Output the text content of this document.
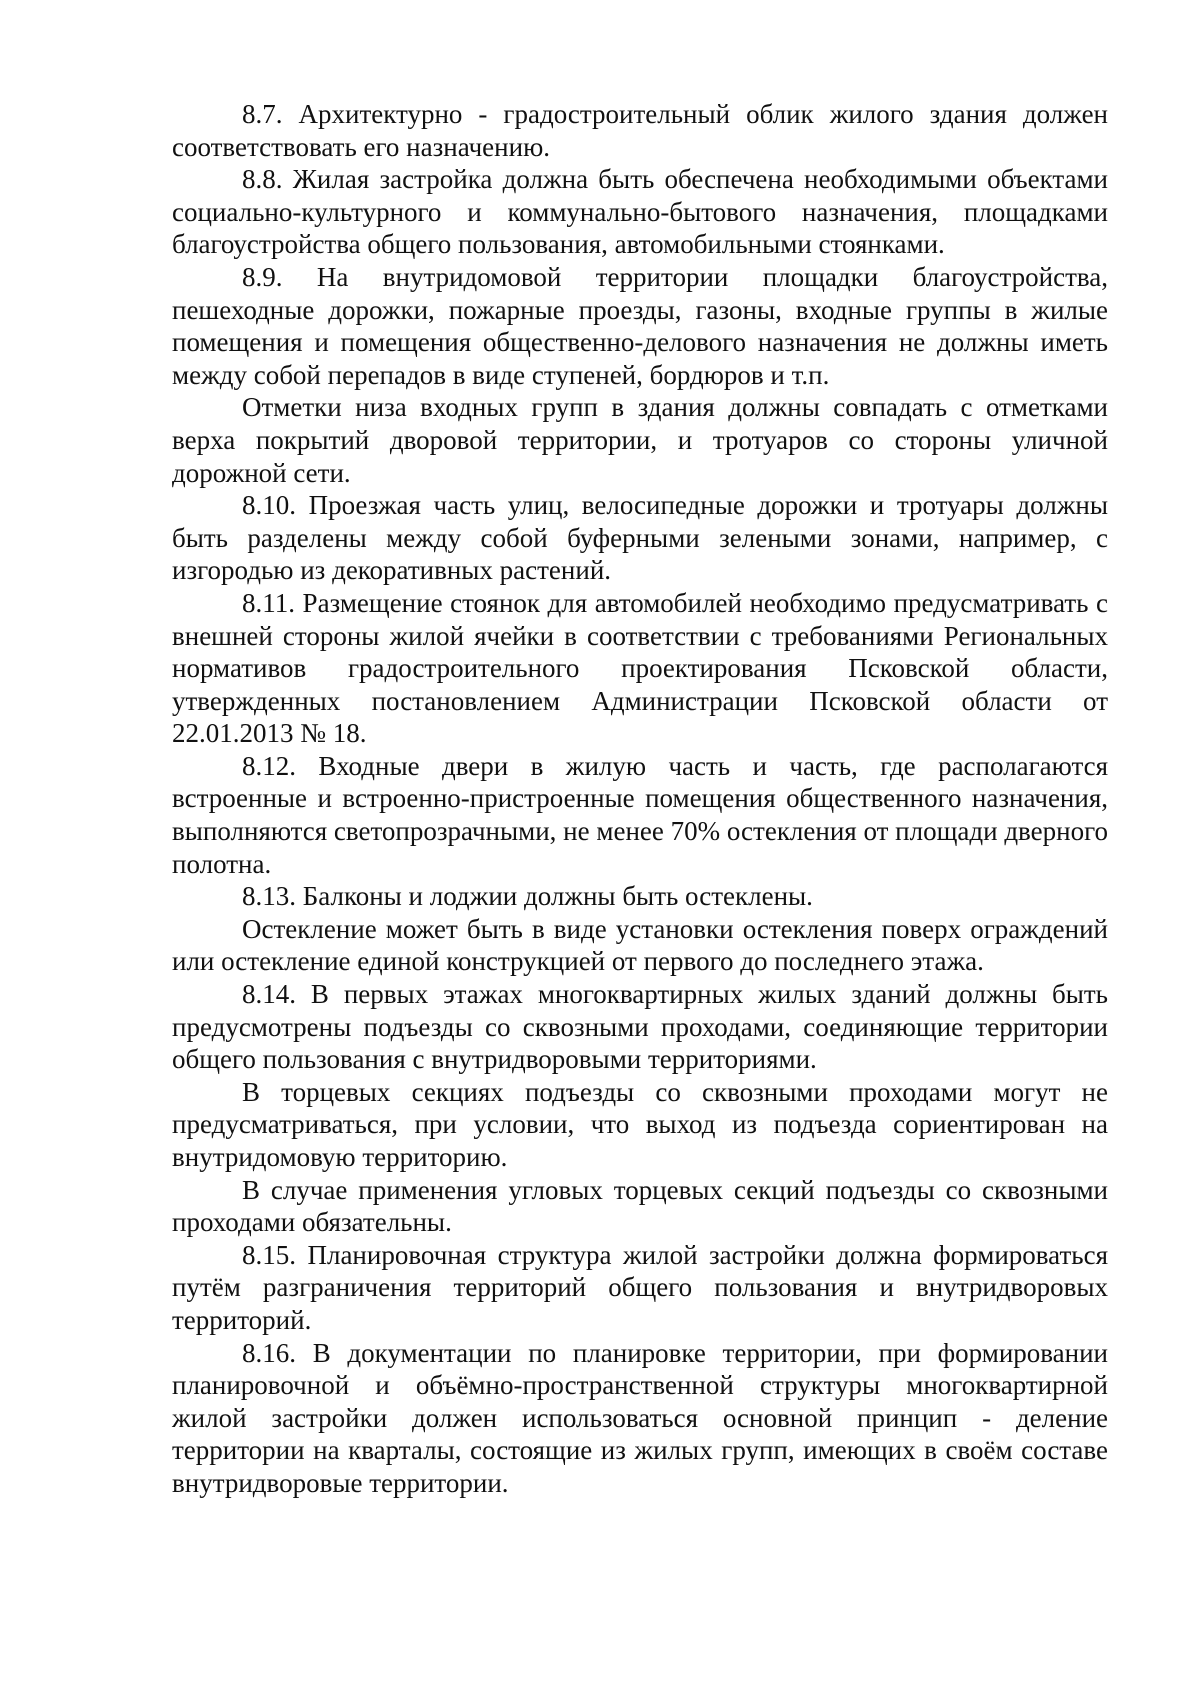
8.7. Архитектурно - градостроительный облик жилого здания должен соответствовать его назначению.

8.8. Жилая застройка должна быть обеспечена необходимыми объектами социально-культурного и коммунально-бытового назначения, площадками благоустройства общего пользования, автомобильными стоянками.

8.9. На внутридомовой территории площадки благоустройства, пешеходные дорожки, пожарные проезды, газоны, входные группы в жилые помещения и помещения общественно-делового назначения не должны иметь между собой перепадов в виде ступеней, бордюров и т.п.

Отметки низа входных групп в здания должны совпадать с отметками верха покрытий дворовой территории, и тротуаров со стороны уличной дорожной сети.

8.10. Проезжая часть улиц, велосипедные дорожки и тротуары должны быть разделены между собой буферными зелеными зонами, например, с изгородью из декоративных растений.

8.11. Размещение стоянок для автомобилей необходимо предусматривать с внешней стороны жилой ячейки в соответствии с требованиями Региональных нормативов градостроительного проектирования Псковской области, утвержденных постановлением Администрации Псковской области от 22.01.2013 № 18.

8.12. Входные двери в жилую часть и часть, где располагаются встроенные и встроенно-пристроенные помещения общественного назначения, выполняются светопрозрачными, не менее 70% остекления от площади дверного полотна.

8.13. Балконы и лоджии должны быть остеклены.

Остекление может быть в виде установки остекления поверх ограждений или остекление единой конструкцией от первого до последнего этажа.

8.14. В первых этажах многоквартирных жилых зданий должны быть предусмотрены подъезды со сквозными проходами, соединяющие территории общего пользования с внутридворовыми территориями.

В торцевых секциях подъезды со сквозными проходами могут не предусматриваться, при условии, что выход из подъезда сориентирован на внутридомовую территорию.

В случае применения угловых торцевых секций подъезды со сквозными проходами обязательны.

8.15. Планировочная структура жилой застройки должна формироваться путём разграничения территорий общего пользования и внутридворовых территорий.

8.16. В документации по планировке территории, при формировании планировочной и объёмно-пространственной структуры многоквартирной жилой застройки должен использоваться основной принцип - деление территории на кварталы, состоящие из жилых групп, имеющих в своём составе внутридворовые территории.
